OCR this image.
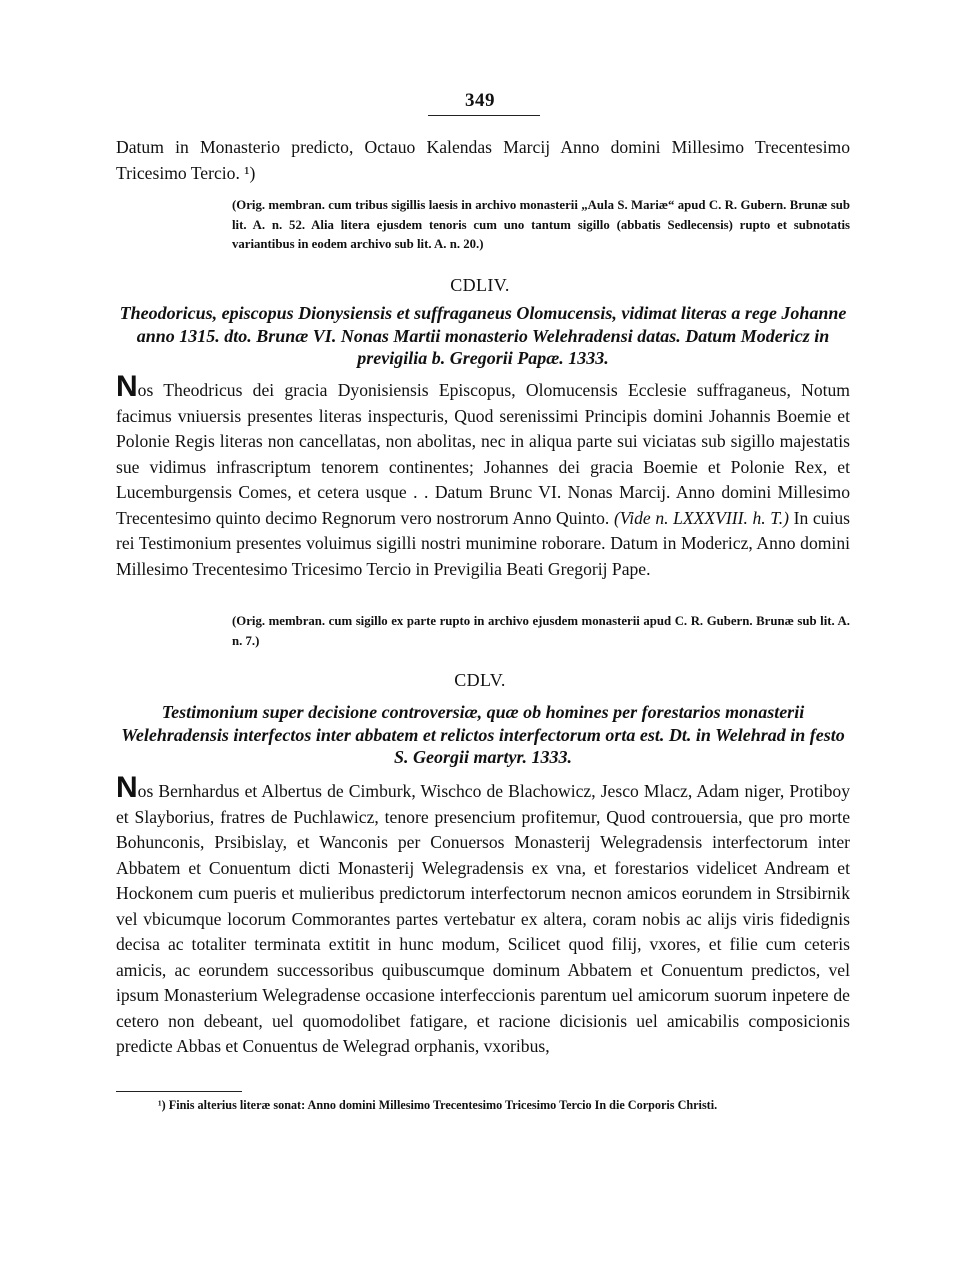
349
Datum in Monasterio predicto, Octauo Kalendas Marcij Anno domini Millesimo Trecentesimo Tricesimo Tercio. ¹)
(Orig. membran. cum tribus sigillis laesis in archivo monasterii „Aula S. Mariæ“ apud C. R. Gubern. Brunæ sub lit. A. n. 52. Alia litera ejusdem tenoris cum uno tantum sigillo (abbatis Sedlecensis) rupto et subnotatis variantibus in eodem archivo sub lit. A. n. 20.)
CDLIV.
Theodoricus, episcopus Dionysiensis et suffraganeus Olomucensis, vidimat literas a rege Johanne anno 1315. dto. Brunæ VI. Nonas Martii monasterio Welehradensi datas. Datum Modericz in previgilia b. Gregorii Papæ. 1333.
Nos Theodricus dei gracia Dyonisiensis Episcopus, Olomucensis Ecclesie suffraganeus, Notum facimus vniuersis presentes literas inspecturis, Quod serenissimi Principis domini Johannis Boemie et Polonie Regis literas non cancellatas, non abolitas, nec in aliqua parte sui viciatas sub sigillo majestatis sue vidimus infrascriptum tenorem continentes; Johannes dei gracia Boemie et Polonie Rex, et Lucemburgensis Comes, et cetera usque . . Datum Brunc VI. Nonas Marcij. Anno domini Millesimo Trecentesimo quinto decimo Regnorum vero nostrorum Anno Quinto. (Vide n. LXXXVIII. h. T.) In cuius rei Testimonium presentes voluimus sigilli nostri munimine roborare. Datum in Modericz, Anno domini Millesimo Trecentesimo Tricesimo Tercio in Previgilia Beati Gregorij Pape.
(Orig. membran. cum sigillo ex parte rupto in archivo ejusdem monasterii apud C. R. Gubern. Brunæ sub lit. A. n. 7.)
CDLV.
Testimonium super decisione controversiæ, quæ ob homines per forestarios monasterii Welehradensis interfectos inter abbatem et relictos interfectorum orta est. Dt. in Welehrad in festo S. Georgii martyr. 1333.
Nos Bernhardus et Albertus de Cimburk, Wischco de Blachowicz, Jesco Mlacz, Adam niger, Protiboy et Slayborius, fratres de Puchlawicz, tenore presencium profitemur, Quod controuersia, que pro morte Bohunconis, Prsibislay, et Wanconis per Conuersos Monasterij Welegradensis interfectorum inter Abbatem et Conuentum dicti Monasterij Welegradensis ex vna, et forestarios videlicet Andream et Hockonem cum pueris et mulieribus predictorum interfectorum necnon amicos eorundem in Strsibirnik vel vbicumque locorum Commorantes partes vertebatur ex altera, coram nobis ac alijs viris fidedignis decisa ac totaliter terminata extitit in hunc modum, Scilicet quod filij, vxores, et filie cum ceteris amicis, ac eorundem successoribus quibuscumque dominum Abbatem et Conuentum predictos, vel ipsum Monasterium Welegradense occasione interfeccionis parentum uel amicorum suorum inpetere de cetero non debeant, uel quomodolibet fatigare, et racione dicisionis uel amicabilis composicionis predicte Abbas et Conuentus de Welegrad orphanis, vxoribus,
¹) Finis alterius literæ sonat: Anno domini Millesimo Trecentesimo Tricesimo Tercio In die Corporis Christi.
